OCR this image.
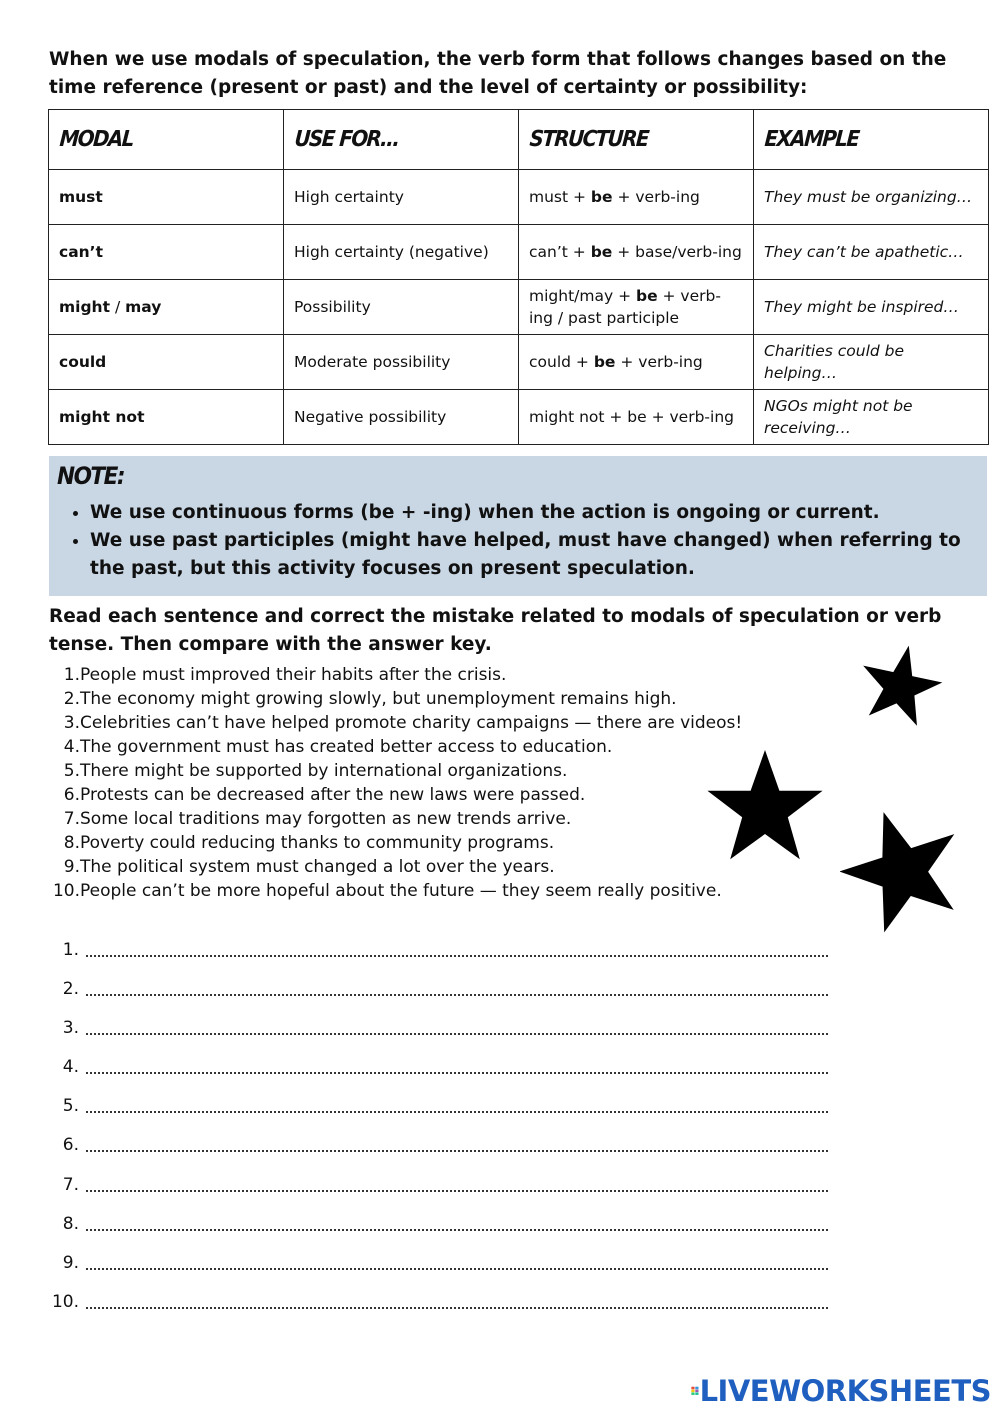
When we use modals of speculation, the verb form that follows changes based on the time reference (present or past) and the level of certainty or possibility:

MODAL	USE FOR…	STRUCTURE	EXAMPLE
must	High certainty	must + be + verb-ing	They must be organizing…
can’t	High certainty (negative)	can’t + be + base/verb-ing	They can’t be apathetic…
might / may	Possibility	might/may + be + verb-ing / past participle	They might be inspired…
could	Moderate possibility	could + be + verb-ing	Charities could be helping…
might not	Negative possibility	might not + be + verb-ing	NGOs might not be receiving…
NOTE:
• We use continuous forms (be + -ing) when the action is ongoing or current.
• We use past participles (might have helped, must have changed) when referring to the past, but this activity focuses on present speculation.

Read each sentence and correct the mistake related to modals of speculation or verb tense. Then compare with the answer key.

1. People must improved their habits after the crisis.
2. The economy might growing slowly, but unemployment remains high.
3. Celebrities can’t have helped promote charity campaigns — there are videos!
4. The government must has created better access to education.
5. There might be supported by international organizations.
6. Protests can be decreased after the new laws were passed.
7. Some local traditions may forgotten as new trends arrive.
8. Poverty could reducing thanks to community programs.
9. The political system must changed a lot over the years.
10. People can’t be more hopeful about the future — they seem really positive.
1.
2.
3.
4.
5.
6.
7.
8.
9.
10.
LIVEWORKSHEETS
